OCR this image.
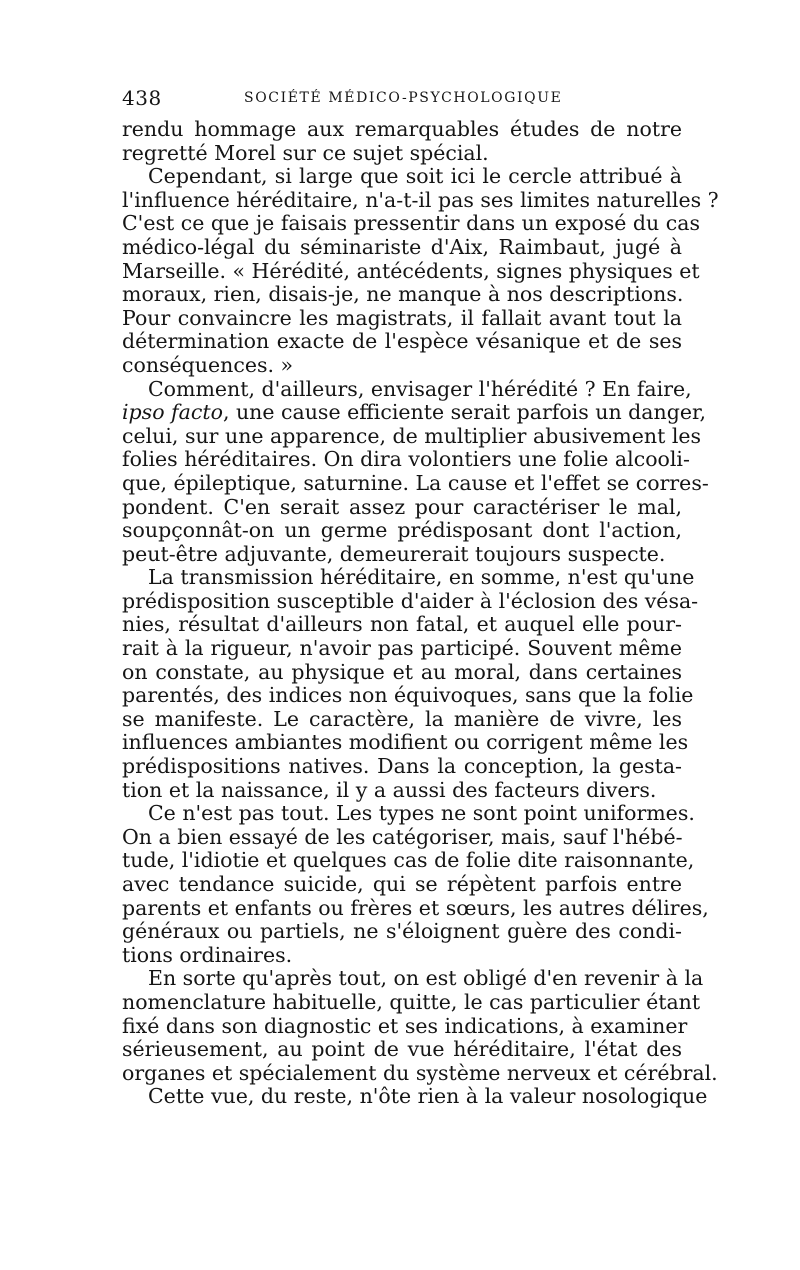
438	SOCIÉTÉ MÉDICO-PSYCHOLOGIQUE
rendu hommage aux remarquables études de notre
regretté Morel sur ce sujet spécial.
Cependant, si large que soit ici le cercle attribué à
l'influence héréditaire, n'a-t-il pas ses limites naturelles ?
C'est ce que je faisais pressentir dans un exposé du cas
médico-légal du séminariste d'Aix, Raimbaut, jugé à
Marseille. « Hérédité, antécédents, signes physiques et
moraux, rien, disais-je, ne manque à nos descriptions.
Pour convaincre les magistrats, il fallait avant tout la
détermination exacte de l'espèce vésanique et de ses
conséquences. »
Comment, d'ailleurs, envisager l'hérédité ? En faire,
ipso facto, une cause efficiente serait parfois un danger,
celui, sur une apparence, de multiplier abusivement les
folies héréditaires. On dira volontiers une folie alcooli-
que, épileptique, saturnine. La cause et l'effet se corres-
pondent. C'en serait assez pour caractériser le mal,
soupçonnât-on un germe prédisposant dont l'action,
peut-être adjuvante, demeurerait toujours suspecte.
La transmission héréditaire, en somme, n'est qu'une
prédisposition susceptible d'aider à l'éclosion des vésa-
nies, résultat d'ailleurs non fatal, et auquel elle pour-
rait à la rigueur, n'avoir pas participé. Souvent même
on constate, au physique et au moral, dans certaines
parentés, des indices non équivoques, sans que la folie
se manifeste. Le caractère, la manière de vivre, les
influences ambiantes modifient ou corrigent même les
prédispositions natives. Dans la conception, la gesta-
tion et la naissance, il y a aussi des facteurs divers.
Ce n'est pas tout. Les types ne sont point uniformes.
On a bien essayé de les catégoriser, mais, sauf l'hébé-
tude, l'idiotie et quelques cas de folie dite raisonnante,
avec tendance suicide, qui se répètent parfois entre
parents et enfants ou frères et sœurs, les autres délires,
généraux ou partiels, ne s'éloignent guère des condi-
tions ordinaires.
En sorte qu'après tout, on est obligé d'en revenir à la
nomenclature habituelle, quitte, le cas particulier étant
fixé dans son diagnostic et ses indications, à examiner
sérieusement, au point de vue héréditaire, l'état des
organes et spécialement du système nerveux et cérébral.
Cette vue, du reste, n'ôte rien à la valeur nosologique
